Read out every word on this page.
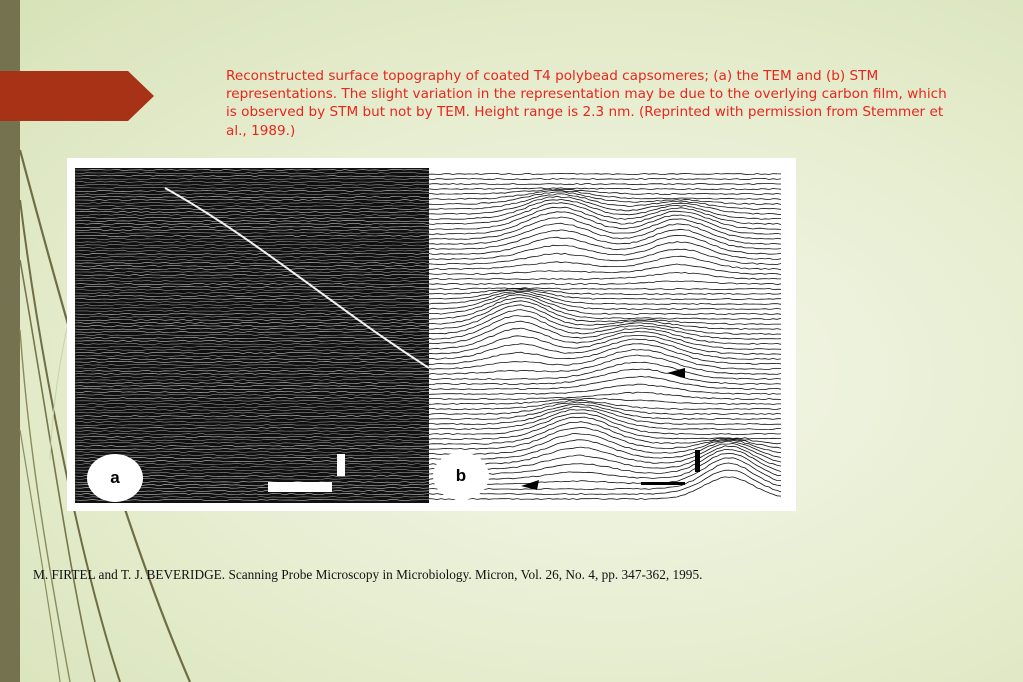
Reconstructed surface topography of coated T4 polybead capsomeres; (a) the TEM and (b) STM representations. The slight variation in the representation may be due to the overlying carbon film, which is observed by STM but not by TEM. Height range is 2.3 nm. (Reprinted with permission from Stemmer et al., 1989.)
a	b
M. FIRTEL and T. J. BEVERIDGE. Scanning Probe Microscopy in Microbiology. Micron, Vol. 26, No. 4, pp. 347-362, 1995.
